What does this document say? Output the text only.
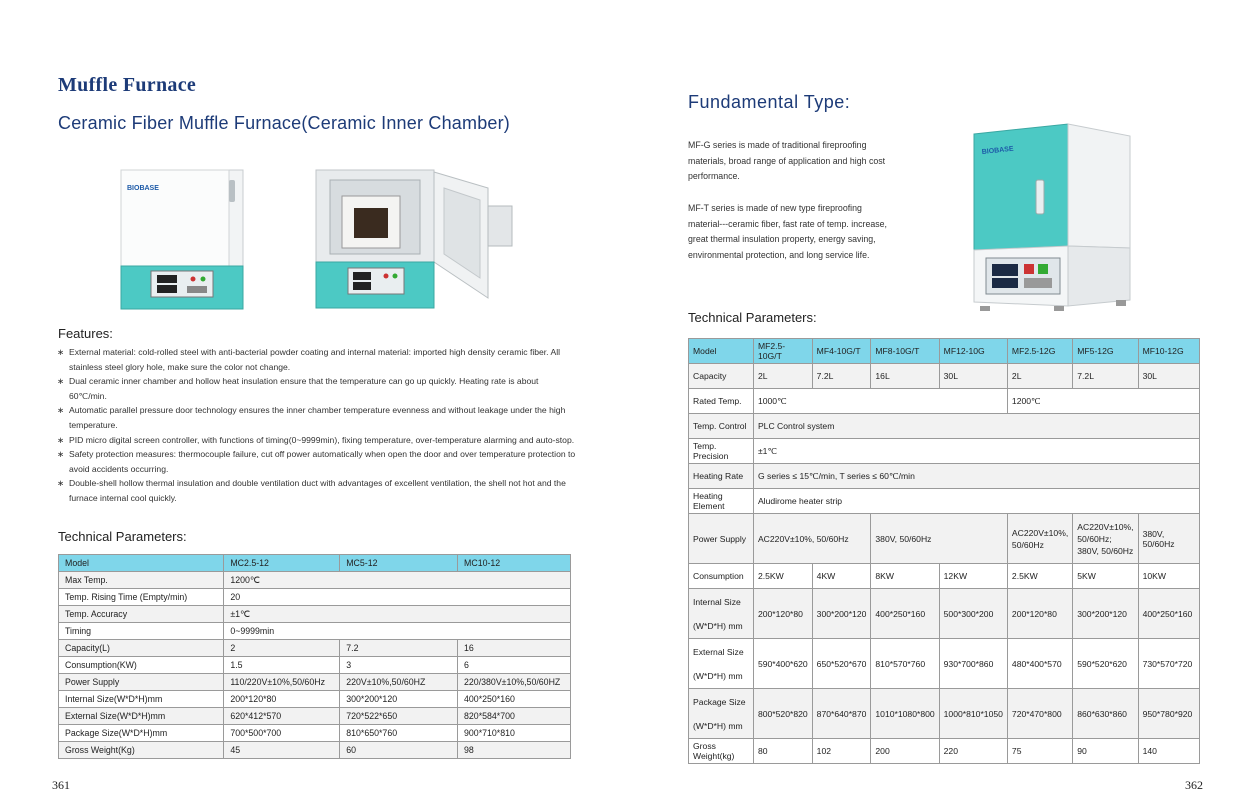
Muffle Furnace
Ceramic Fiber Muffle Furnace(Ceramic Inner Chamber)
BIOBASE
Features:
∗ External material: cold-rolled steel with anti-bacterial powder coating and internal material: imported high density ceramic fiber. All stainless steel glory hole, make sure the color not change.
∗ Dual ceramic inner chamber and hollow heat insulation ensure that the temperature can go up quickly. Heating rate is about 60℃/min.
∗ Automatic parallel pressure door technology ensures the inner chamber temperature evenness and without leakage under the high temperature.
∗ PID micro digital screen controller, with functions of timing(0~9999min), fixing temperature, over-temperature alarming and auto-stop.
∗ Safety protection measures: thermocouple failure, cut off power automatically when open the door and over temperature protection to avoid accidents occurring.
∗ Double-shell hollow thermal insulation and double ventilation duct with advantages of excellent ventilation, the shell not hot and the furnace internal cool quickly.
Technical Parameters:
Model	MC2.5-12	MC5-12	MC10-12
Max Temp.	1200℃		
Temp. Rising Time (Empty/min)	20		
Temp. Accuracy	±1℃		
Timing	0~9999min		
Capacity(L)	2	7.2	16
Consumption(KW)	1.5	3	6
Power Supply	110/220V±10%,50/60Hz	220V±10%,50/60HZ	220/380V±10%,50/60HZ
Internal Size(W*D*H)mm	200*120*80	300*200*120	400*250*160
External Size(W*D*H)mm	620*412*570	720*522*650	820*584*700
Package Size(W*D*H)mm	700*500*700	810*650*760	900*710*810
Gross Weight(Kg)	45	60	98
361
Fundamental Type:
MF-G series is made of traditional fireproofing materials, broad range of application and high cost performance.
MF-T series is made of new type fireproofing material---ceramic fiber, fast rate of temp. increase, great thermal insulation property, energy saving, environmental protection, and long service life.
BIOBASE
Technical Parameters:
Model	MF2.5-10G/T	MF4-10G/T	MF8-10G/T	MF12-10G	MF2.5-12G	MF5-12G	MF10-12G
Capacity	2L	7.2L	16L	30L	2L	7.2L	30L
Rated Temp.	1000℃				1200℃		
Temp. Control	PLC Control system						
Temp. Precision	±1℃						
Heating Rate	G series ≤ 15℃/min, T series ≤ 60℃/min						
Heating Element	Aludirome heater strip						
Power Supply	AC220V±10%, 50/60Hz		380V, 50/60Hz		AC220V±10%, 50/60Hz	AC220V±10%, 50/60Hz; 380V, 50/60Hz	380V, 50/60Hz
Consumption	2.5KW	4KW	8KW	12KW	2.5KW	5KW	10KW
Internal Size (W*D*H) mm	200*120*80	300*200*120	400*250*160	500*300*200	200*120*80	300*200*120	400*250*160
External Size (W*D*H) mm	590*400*620	650*520*670	810*570*760	930*700*860	480*400*570	590*520*620	730*570*720
Package Size (W*D*H) mm	800*520*820	870*640*870	1010*1080*800	1000*810*1050	720*470*800	860*630*860	950*780*920
Gross Weight(kg)	80	102	200	220	75	90	140
362
